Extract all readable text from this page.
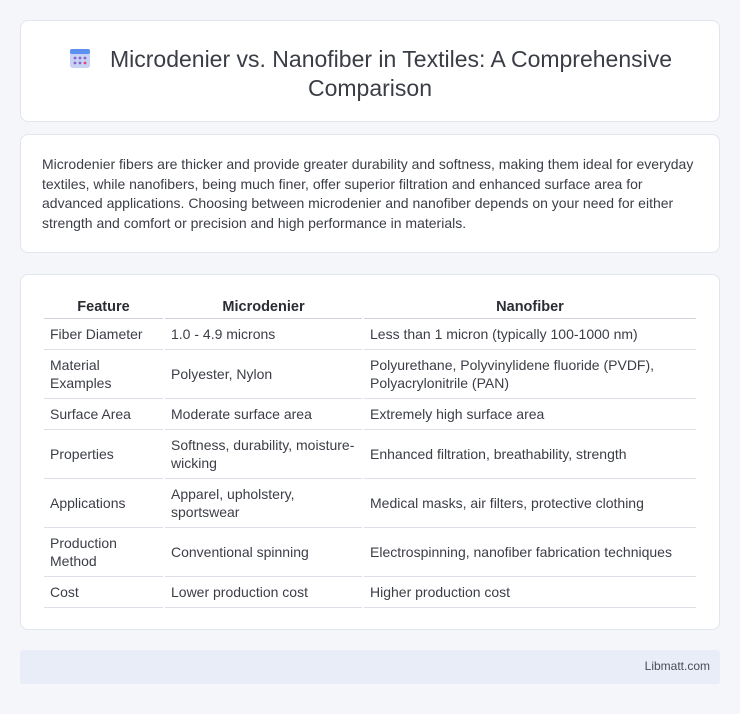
Microdenier vs. Nanofiber in Textiles: A Comprehensive Comparison

Microdenier fibers are thicker and provide greater durability and softness, making them ideal for everyday textiles, while nanofibers, being much finer, offer superior filtration and enhanced surface area for advanced applications. Choosing between microdenier and nanofiber depends on your need for either strength and comfort or precision and high performance in materials.

Feature	Microdenier	Nanofiber
Fiber Diameter	1.0 - 4.9 microns	Less than 1 micron (typically 100-1000 nm)
Material Examples	Polyester, Nylon	Polyurethane, Polyvinylidene fluoride (PVDF), Polyacrylonitrile (PAN)
Surface Area	Moderate surface area	Extremely high surface area
Properties	Softness, durability, moisture-wicking	Enhanced filtration, breathability, strength
Applications	Apparel, upholstery, sportswear	Medical masks, air filters, protective clothing
Production Method	Conventional spinning	Electrospinning, nanofiber fabrication techniques
Cost	Lower production cost	Higher production cost
Libmatt.com
